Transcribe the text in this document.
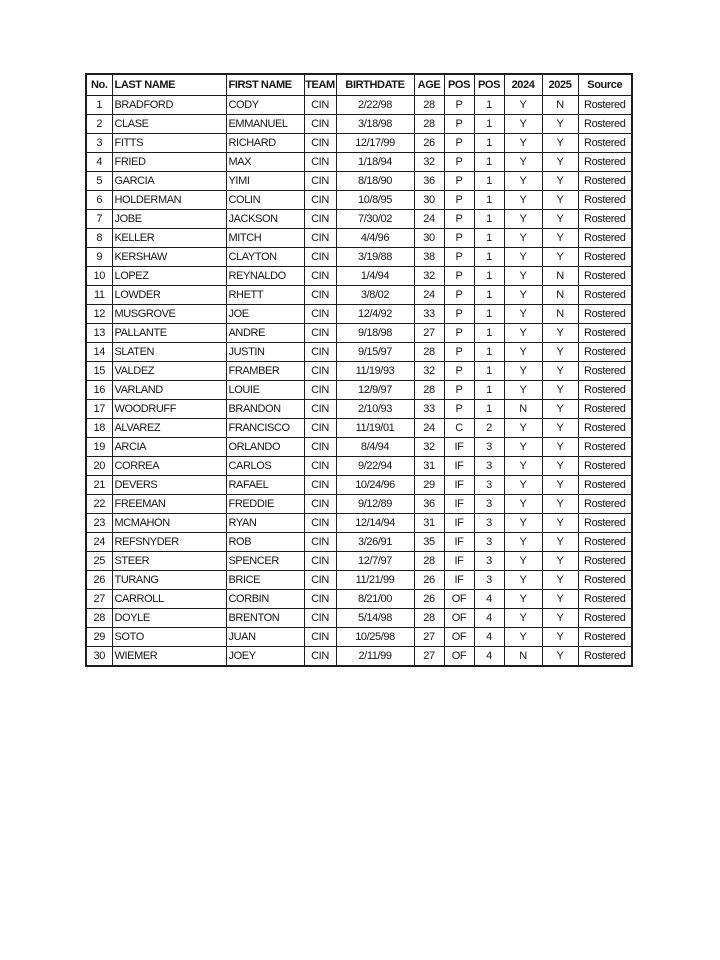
No.	LAST NAME	FIRST NAME	TEAM	BIRTHDATE	AGE	POS	POS	2024	2025	Source
1	BRADFORD	CODY	CIN	2/22/98	28	P	1	Y	N	Rostered
2	CLASE	EMMANUEL	CIN	3/18/98	28	P	1	Y	Y	Rostered
3	FITTS	RICHARD	CIN	12/17/99	26	P	1	Y	Y	Rostered
4	FRIED	MAX	CIN	1/18/94	32	P	1	Y	Y	Rostered
5	GARCIA	YIMI	CIN	8/18/90	36	P	1	Y	Y	Rostered
6	HOLDERMAN	COLIN	CIN	10/8/95	30	P	1	Y	Y	Rostered
7	JOBE	JACKSON	CIN	7/30/02	24	P	1	Y	Y	Rostered
8	KELLER	MITCH	CIN	4/4/96	30	P	1	Y	Y	Rostered
9	KERSHAW	CLAYTON	CIN	3/19/88	38	P	1	Y	Y	Rostered
10	LOPEZ	REYNALDO	CIN	1/4/94	32	P	1	Y	N	Rostered
11	LOWDER	RHETT	CIN	3/8/02	24	P	1	Y	N	Rostered
12	MUSGROVE	JOE	CIN	12/4/92	33	P	1	Y	N	Rostered
13	PALLANTE	ANDRE	CIN	9/18/98	27	P	1	Y	Y	Rostered
14	SLATEN	JUSTIN	CIN	9/15/97	28	P	1	Y	Y	Rostered
15	VALDEZ	FRAMBER	CIN	11/19/93	32	P	1	Y	Y	Rostered
16	VARLAND	LOUIE	CIN	12/9/97	28	P	1	Y	Y	Rostered
17	WOODRUFF	BRANDON	CIN	2/10/93	33	P	1	N	Y	Rostered
18	ALVAREZ	FRANCISCO	CIN	11/19/01	24	C	2	Y	Y	Rostered
19	ARCIA	ORLANDO	CIN	8/4/94	32	IF	3	Y	Y	Rostered
20	CORREA	CARLOS	CIN	9/22/94	31	IF	3	Y	Y	Rostered
21	DEVERS	RAFAEL	CIN	10/24/96	29	IF	3	Y	Y	Rostered
22	FREEMAN	FREDDIE	CIN	9/12/89	36	IF	3	Y	Y	Rostered
23	MCMAHON	RYAN	CIN	12/14/94	31	IF	3	Y	Y	Rostered
24	REFSNYDER	ROB	CIN	3/26/91	35	IF	3	Y	Y	Rostered
25	STEER	SPENCER	CIN	12/7/97	28	IF	3	Y	Y	Rostered
26	TURANG	BRICE	CIN	11/21/99	26	IF	3	Y	Y	Rostered
27	CARROLL	CORBIN	CIN	8/21/00	26	OF	4	Y	Y	Rostered
28	DOYLE	BRENTON	CIN	5/14/98	28	OF	4	Y	Y	Rostered
29	SOTO	JUAN	CIN	10/25/98	27	OF	4	Y	Y	Rostered
30	WIEMER	JOEY	CIN	2/11/99	27	OF	4	N	Y	Rostered
